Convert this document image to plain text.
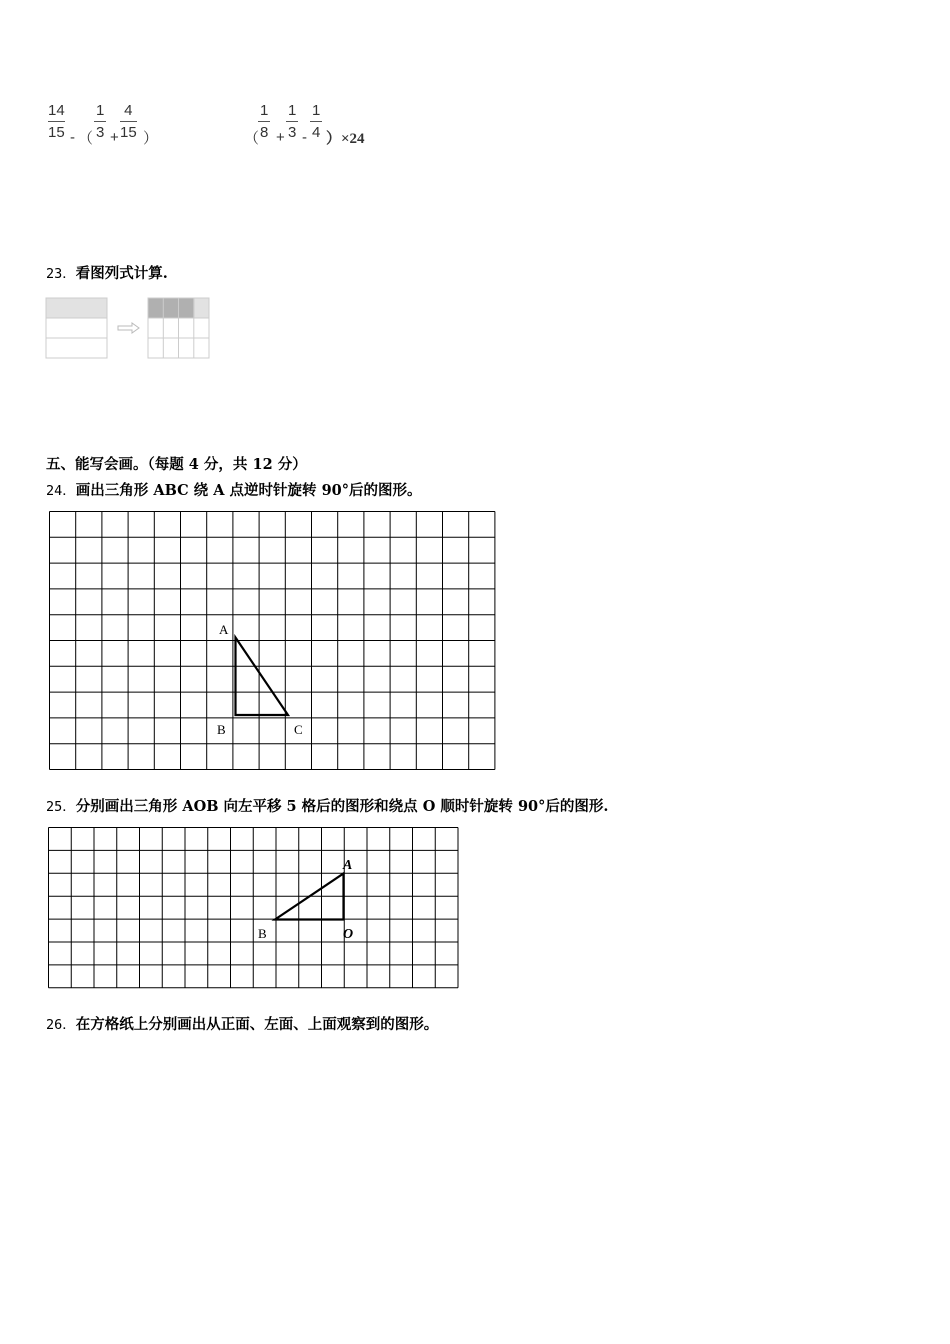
$\frac{14}{15}$ - （ $\frac{1}{3} + \frac{4}{15}$ ）	（
$\frac{1}{8} + \frac{1}{3} - \frac{1}{4} )\times 24$
23．看图列式计算.
五、能写会画。（每题 4 分，共 12 分）
24．画出三角形 ABC 绕 A 点逆时针旋转 90°后的图形。
A
B	C
25．分别画出三角形 AOB 向左平移 5 格后的图形和绕点 O 顺时针旋转 90°后的图形.
A
B	O
26．在方格纸上分别画出从正面、左面、上面观察到的图形。
